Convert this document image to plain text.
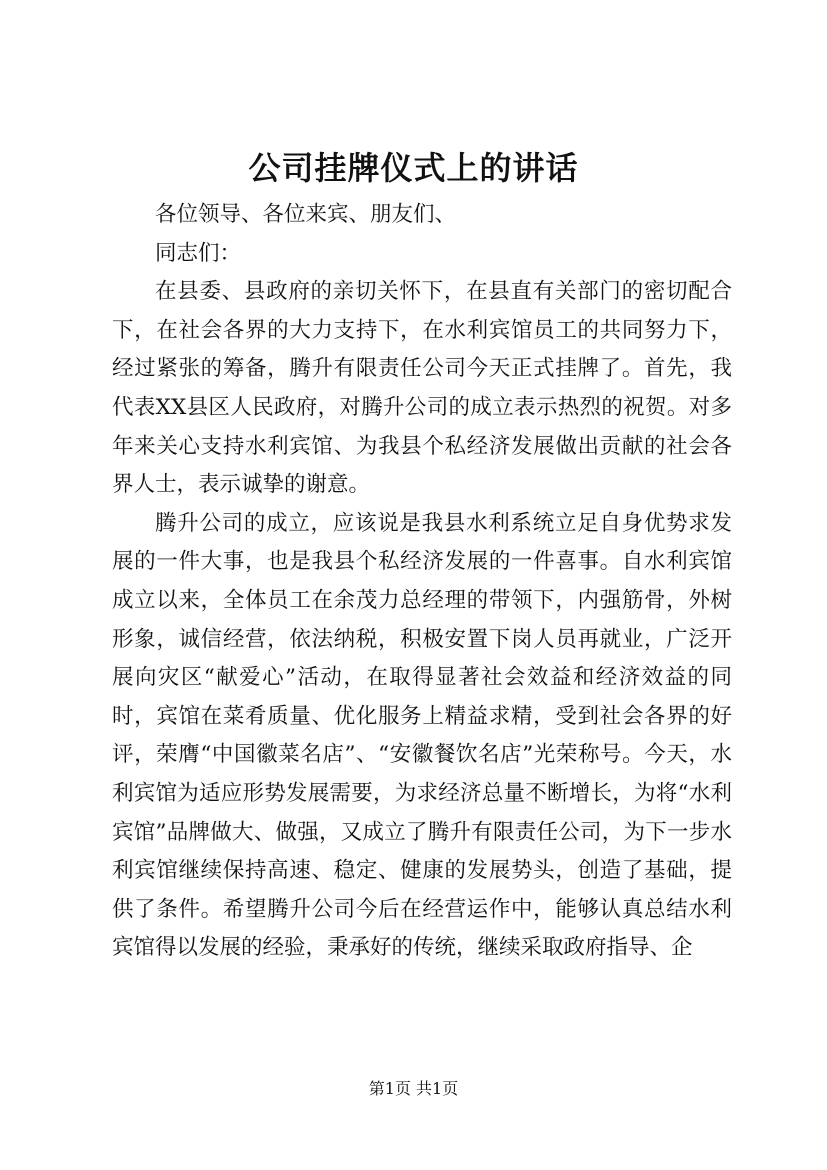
公司挂牌仪式上的讲话

各位领导、各位来宾、朋友们、

同志们：

在县委、县政府的亲切关怀下，在县直有关部门的密切配合下，在社会各界的大力支持下，在水利宾馆员工的共同努力下，经过紧张的筹备，腾升有限责任公司今天正式挂牌了。首先，我代表XX县区人民政府，对腾升公司的成立表示热烈的祝贺。对多年来关心支持水利宾馆、为我县个私经济发展做出贡献的社会各界人士，表示诚挚的谢意。

腾升公司的成立，应该说是我县水利系统立足自身优势求发展的一件大事，也是我县个私经济发展的一件喜事。自水利宾馆成立以来，全体员工在余茂力总经理的带领下，内强筋骨，外树形象，诚信经营，依法纳税，积极安置下岗人员再就业，广泛开展向灾区“献爱心”活动，在取得显著社会效益和经济效益的同时，宾馆在菜肴质量、优化服务上精益求精，受到社会各界的好评，荣膺“中国徽菜名店”、“安徽餐饮名店”光荣称号。今天，水利宾馆为适应形势发展需要，为求经济总量不断增长，为将“水利宾馆”品牌做大、做强，又成立了腾升有限责任公司，为下一步水利宾馆继续保持高速、稳定、健康的发展势头，创造了基础，提供了条件。希望腾升公司今后在经营运作中，能够认真总结水利宾馆得以发展的经验，秉承好的传统，继续采取政府指导、企

第1页 共1页
